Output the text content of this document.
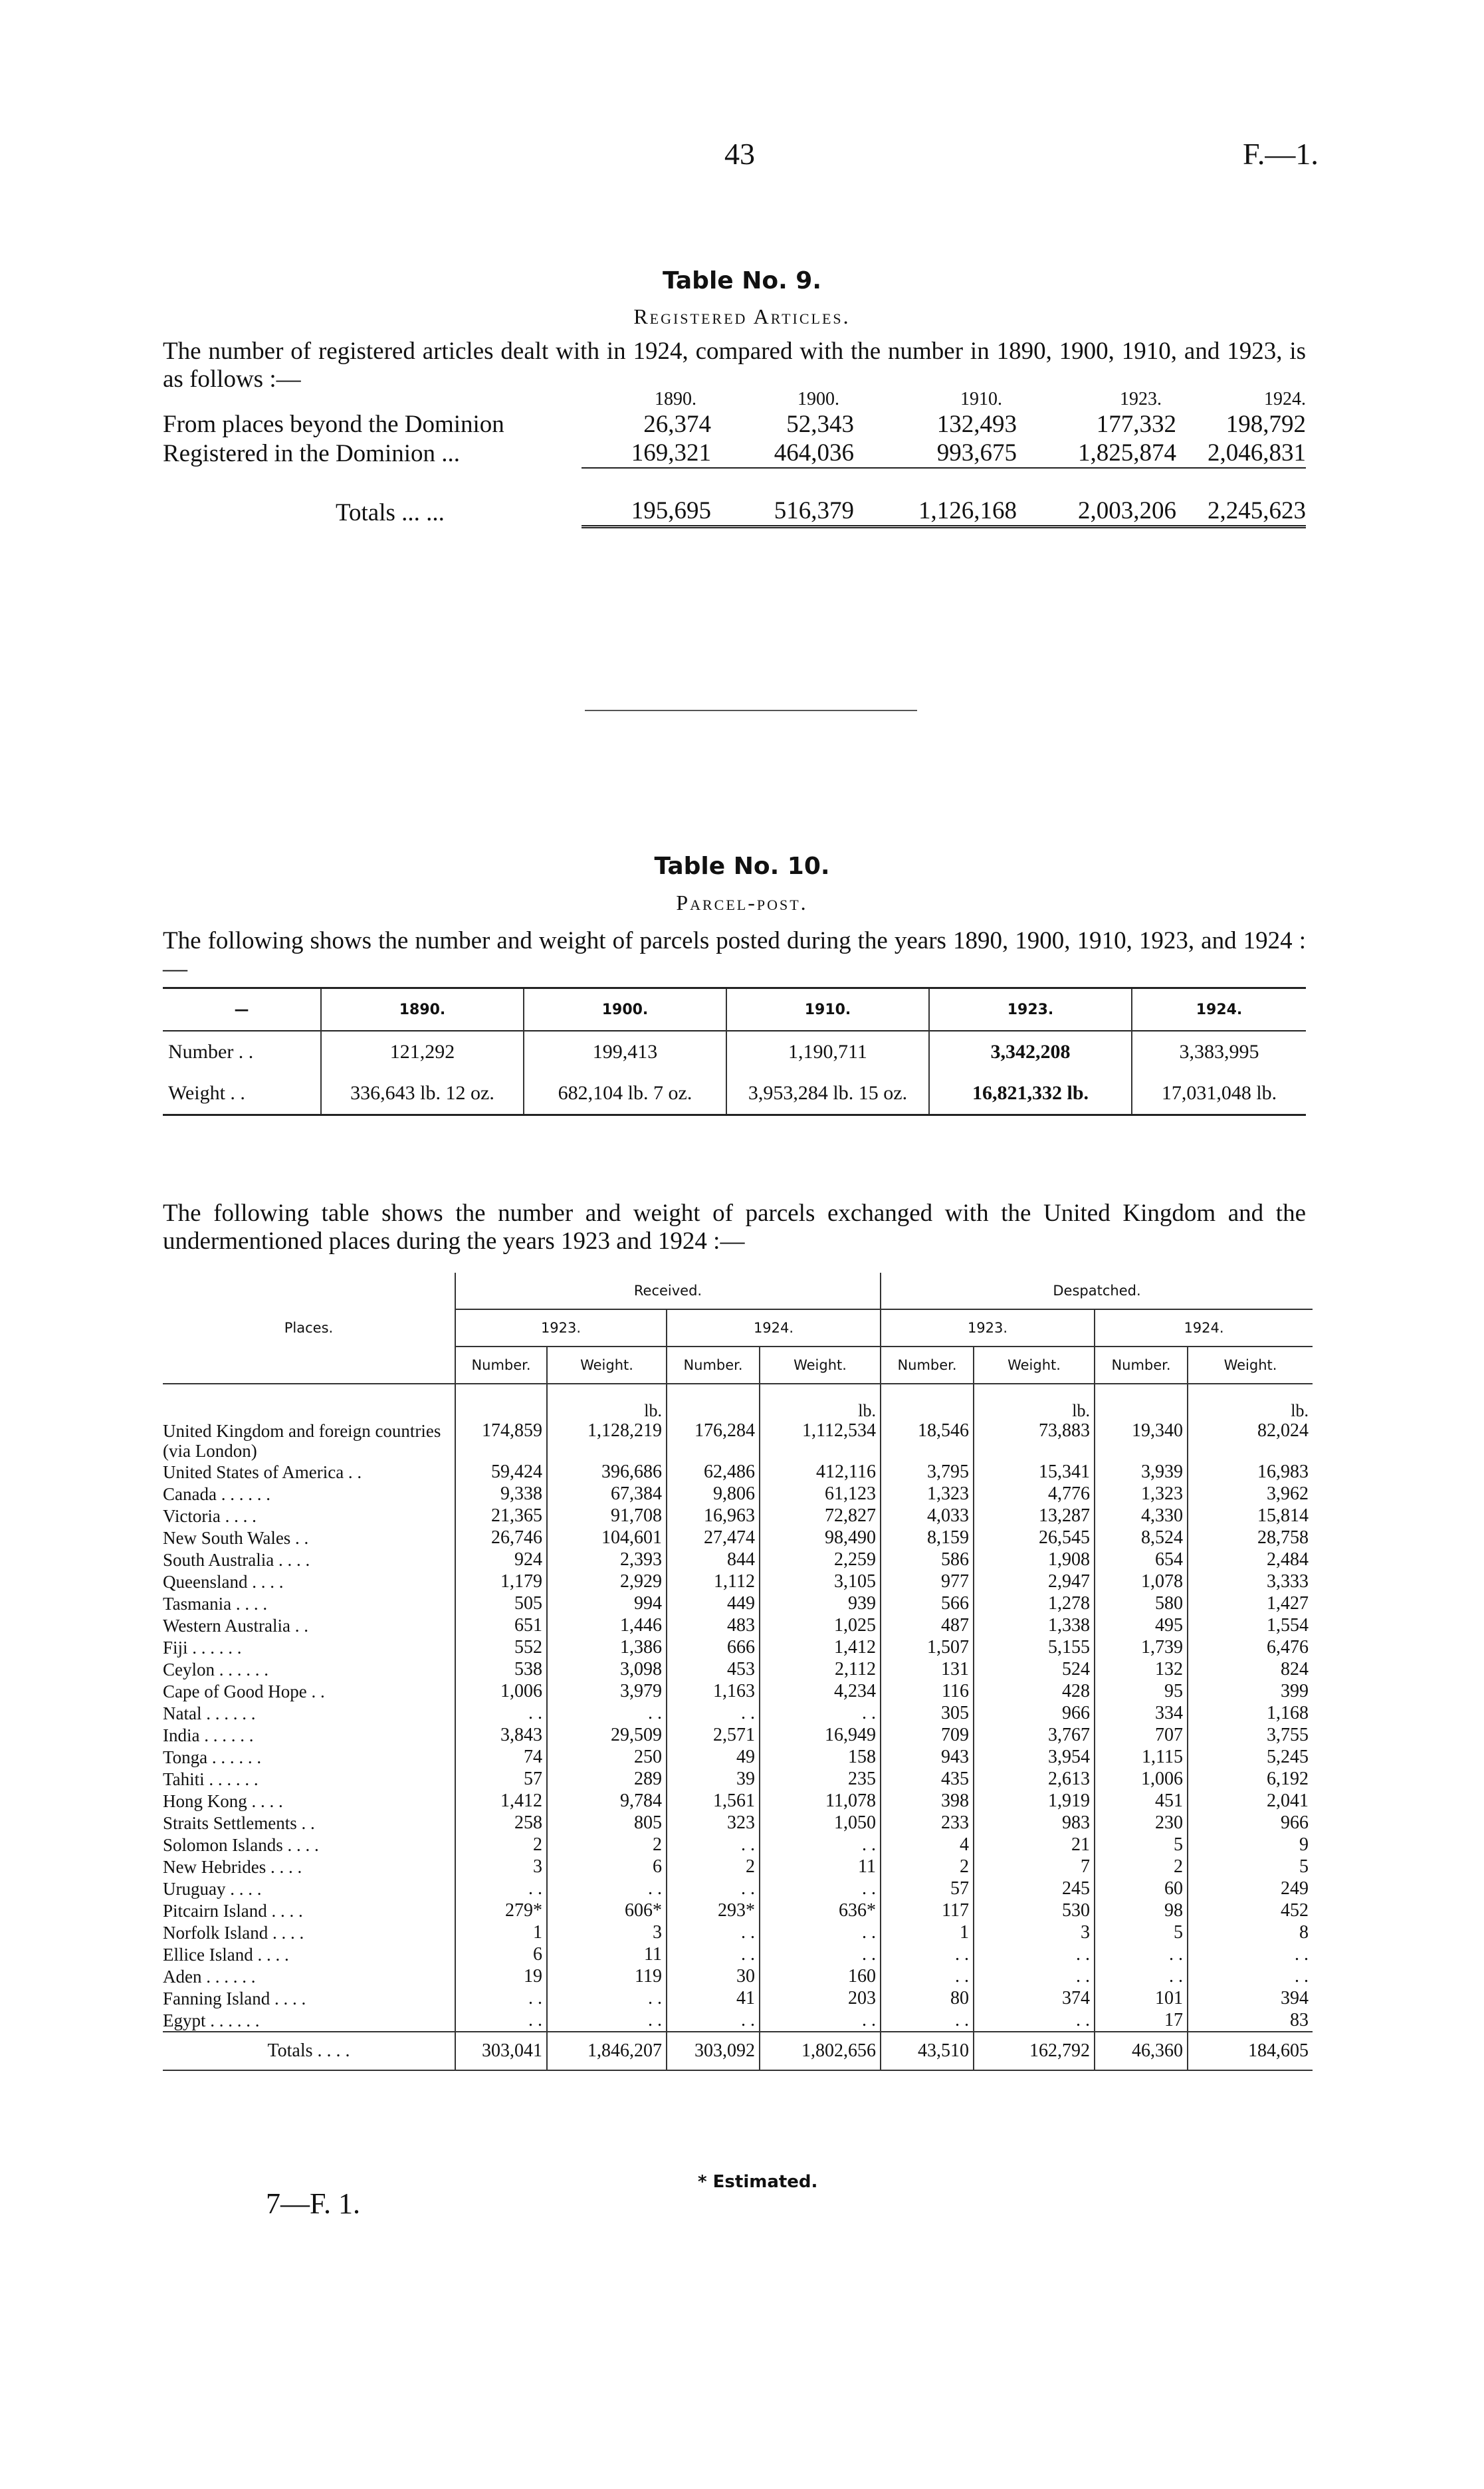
43	F.—1.
Table No. 9.
Registered Articles.
The number of registered articles dealt with in 1924, compared with the number in 1890, 1900, 1910, and 1923, is as follows :—
	1890.	1900.	1910.	1923.	1924.
From places beyond the Dominion	26,374	52,343	132,493	177,332	198,792
Registered in the Dominion ...	169,321	464,036	993,675	1,825,874	2,046,831

Totals ... ...	195,695	516,379	1,126,168	2,003,206	2,245,623
Table No. 10.
Parcel-post.
The following shows the number and weight of parcels posted during the years 1890, 1900, 1910, 1923, and 1924 :—
—	1890.	1900.	1910.	1923.	1924.
Number . .	121,292	199,413	1,190,711	3,342,208	3,383,995
Weight . .	336,643 lb. 12 oz.	682,104 lb. 7 oz.	3,953,284 lb. 15 oz.	16,821,332 lb.	17,031,048 lb.
The following table shows the number and weight of parcels exchanged with the United Kingdom and the undermentioned places during the years 1923 and 1924 :—
Places.	Received.				Despatched.			
	1923.		1924.		1923.		1924.	
	Number.	Weight.	Number.	Weight.	Number.	Weight.	Number.	Weight.
		lb.		lb.		lb.		lb.
United Kingdom and foreign countries (via London)	174,859	1,128,219	176,284	1,112,534	18,546	73,883	19,340	82,024
United States of America . .	59,424	396,686	62,486	412,116	3,795	15,341	3,939	16,983
Canada . . . . . .	9,338	67,384	9,806	61,123	1,323	4,776	1,323	3,962
Victoria . . . .	21,365	91,708	16,963	72,827	4,033	13,287	4,330	15,814
New South Wales . .	26,746	104,601	27,474	98,490	8,159	26,545	8,524	28,758
South Australia . . . .	924	2,393	844	2,259	586	1,908	654	2,484
Queensland . . . .	1,179	2,929	1,112	3,105	977	2,947	1,078	3,333
Tasmania . . . .	505	994	449	939	566	1,278	580	1,427
Western Australia . .	651	1,446	483	1,025	487	1,338	495	1,554
Fiji . . . . . .	552	1,386	666	1,412	1,507	5,155	1,739	6,476
Ceylon . . . . . .	538	3,098	453	2,112	131	524	132	824
Cape of Good Hope . .	1,006	3,979	1,163	4,234	116	428	95	399
Natal . . . . . .	. .	. .	. .	. .	305	966	334	1,168
India . . . . . .	3,843	29,509	2,571	16,949	709	3,767	707	3,755
Tonga . . . . . .	74	250	49	158	943	3,954	1,115	5,245
Tahiti . . . . . .	57	289	39	235	435	2,613	1,006	6,192
Hong Kong . . . .	1,412	9,784	1,561	11,078	398	1,919	451	2,041
Straits Settlements . .	258	805	323	1,050	233	983	230	966
Solomon Islands . . . .	2	2	. .	. .	4	21	5	9
New Hebrides . . . .	3	6	2	11	2	7	2	5
Uruguay . . . .	. .	. .	. .	. .	57	245	60	249
Pitcairn Island . . . .	279*	606*	293*	636*	117	530	98	452
Norfolk Island . . . .	1	3	. .	. .	1	3	5	8
Ellice Island . . . .	6	11	. .	. .	. .	. .	. .	. .
Aden . . . . . .	19	119	30	160	. .	. .	. .	. .
Fanning Island . . . .	. .	. .	41	203	80	374	101	394
Egypt . . . . . .	. .	. .	. .	. .	. .	. .	17	83
Totals . . . .	303,041	1,846,207	303,092	1,802,656	43,510	162,792	46,360	184,605
* Estimated.
7—F. 1.
